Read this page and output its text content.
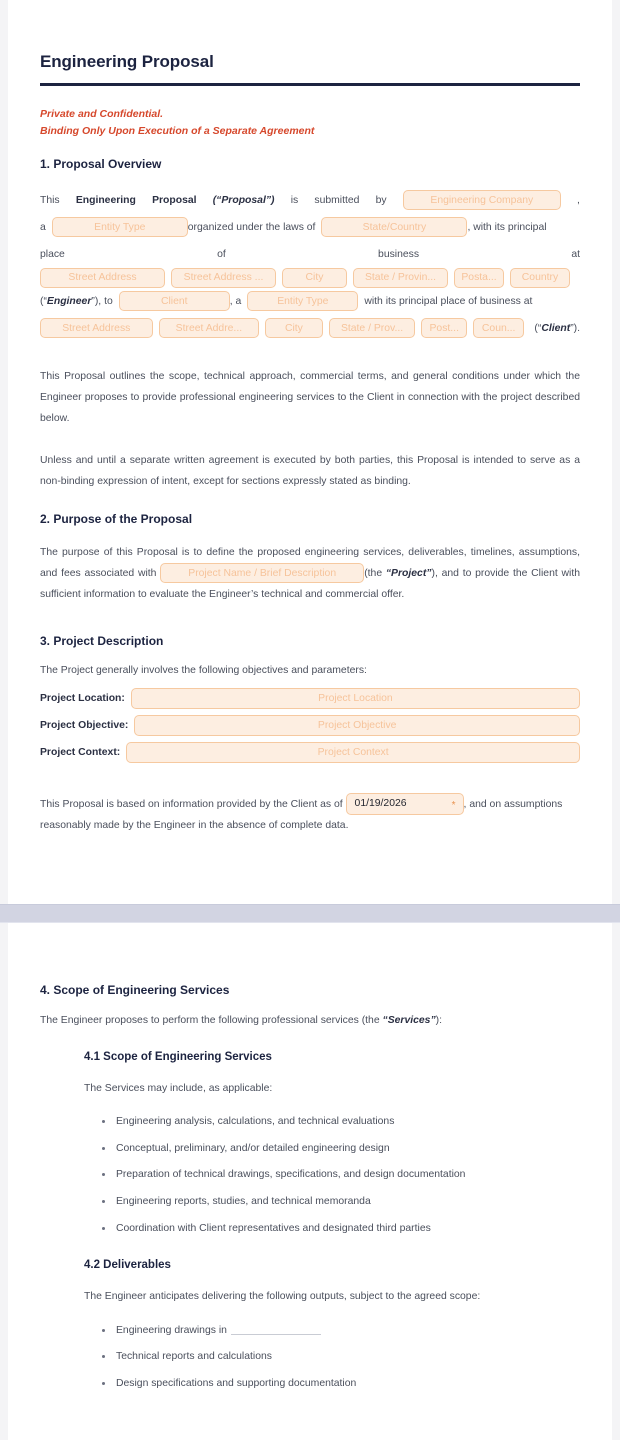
Engineering Proposal
Private and Confidential.
Binding Only Upon Execution of a Separate Agreement
1. Proposal Overview
This Engineering Proposal (“Proposal”) is submitted by	Engineering Company	,
a	Entity Type	organized under the laws of	State/Country	, with its principal
place	of	business	at
Street Address	Street Address ...	City	State / Provin...	Posta...	Country
(“Engineer”), to	Client	, a	Entity Type	with its principal place of business at
Street Address	Street Addre...	City	State / Prov...	Post...	Coun...	(“Client”).

This Proposal outlines the scope, technical approach, commercial terms, and general conditions under which the Engineer proposes to provide professional engineering services to the Client in connection with the project described below.

Unless and until a separate written agreement is executed by both parties, this Proposal is intended to serve as a non-binding expression of intent, except for sections expressly stated as binding.

2. Purpose of the Proposal

The purpose of this Proposal is to define the proposed engineering services, deliverables, timelines, assumptions, and fees associated with	Project Name / Brief Description	(the “Project”), and to provide the Client with sufficient information to evaluate the Engineer’s technical and commercial offer.

3. Project Description
The Project generally involves the following objectives and parameters:
Project Location:	Project Location
Project Objective:	Project Objective
Project Context:	Project Context

This Proposal is based on information provided by the Client as of 01/19/2026	* , and on assumptions reasonably made by the Engineer in the absence of complete data.

4. Scope of Engineering Services
The Engineer proposes to perform the following professional services (the “Services”):
4.1 Scope of Engineering Services
The Services may include, as applicable:
Engineering analysis, calculations, and technical evaluations
Conceptual, preliminary, and/or detailed engineering design
Preparation of technical drawings, specifications, and design documentation
Engineering reports, studies, and technical memoranda
Coordination with Client representatives and designated third parties
4.2 Deliverables
The Engineer anticipates delivering the following outputs, subject to the agreed scope:
Engineering drawings in
Technical reports and calculations
Design specifications and supporting documentation
